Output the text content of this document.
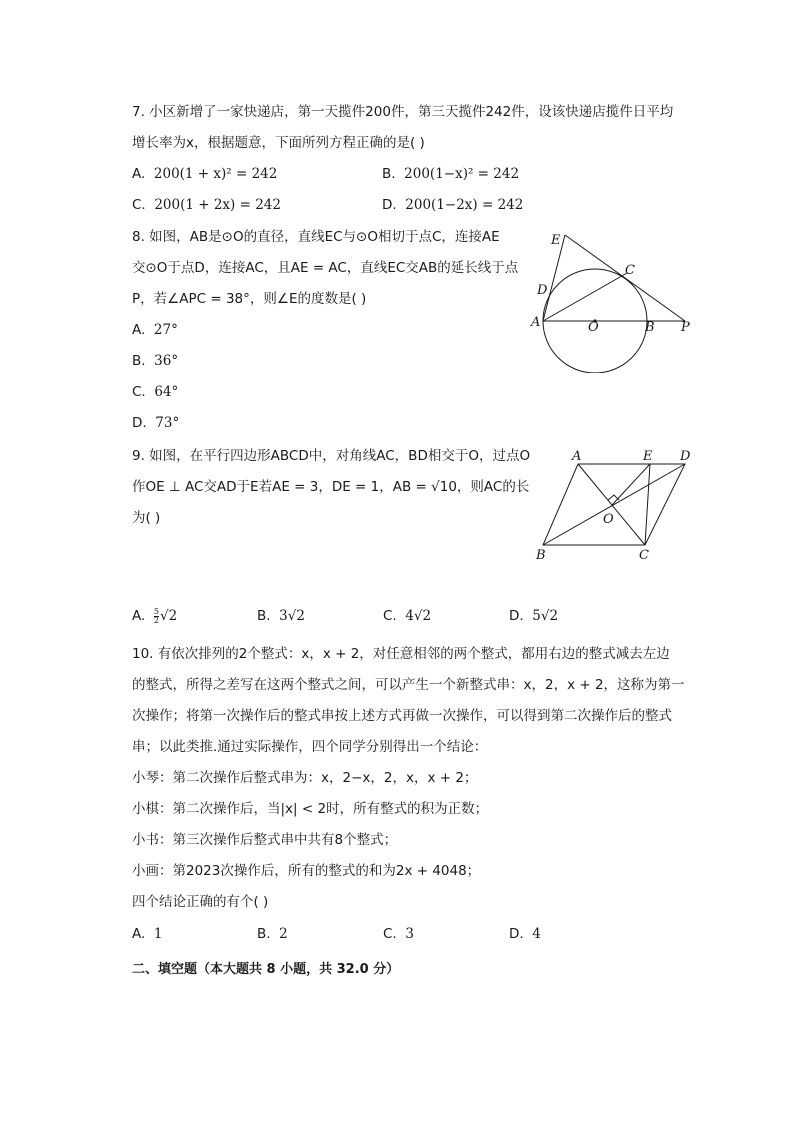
7. 小区新增了一家快递店，第一天揽件200件，第三天揽件242件，设该快递店揽件日平均
增长率为x，根据题意，下面所列方程正确的是( )
A. 200(1 + x)² = 242	B. 200(1−x)² = 242
C. 200(1 + 2x) = 242	D. 200(1−2x) = 242
8. 如图，AB是⊙O的直径，直线EC与⊙O相切于点C，连接AE
交⊙O于点D，连接AC，且AE = AC，直线EC交AB的延长线于点
P，若∠APC = 38°，则∠E的度数是( )
A. 27°
B. 36°
C. 64°
D. 73°
E
C
D
A	O	B P
9. 如图，在平行四边形ABCD中，对角线AC，BD相交于O，过点O
作OE ⊥ AC交AD于E若AE = 3，DE = 1，AB = √10，则AC的长
为( )
A	E D
O
B	C
A. $\frac{5}{2} √2$	B. 3√2	C. 4√2	D. 5√2
10. 有依次排列的2个整式：x，x + 2，对任意相邻的两个整式，都用右边的整式减去左边
的整式，所得之差写在这两个整式之间，可以产生一个新整式串：x，2，x + 2，这称为第一
次操作；将第一次操作后的整式串按上述方式再做一次操作，可以得到第二次操作后的整式
串；以此类推.通过实际操作，四个同学分别得出一个结论：
小琴：第二次操作后整式串为：x，2−x，2，x，x + 2；
小棋：第二次操作后，当|x| < 2时，所有整式的积为正数；
小书：第三次操作后整式串中共有8个整式；
小画：第2023次操作后，所有的整式的和为2x + 4048；
四个结论正确的有个( )
A. 1	B. 2	C. 3	D. 4
二、填空题（本大题共 8 小题，共 32.0 分）
